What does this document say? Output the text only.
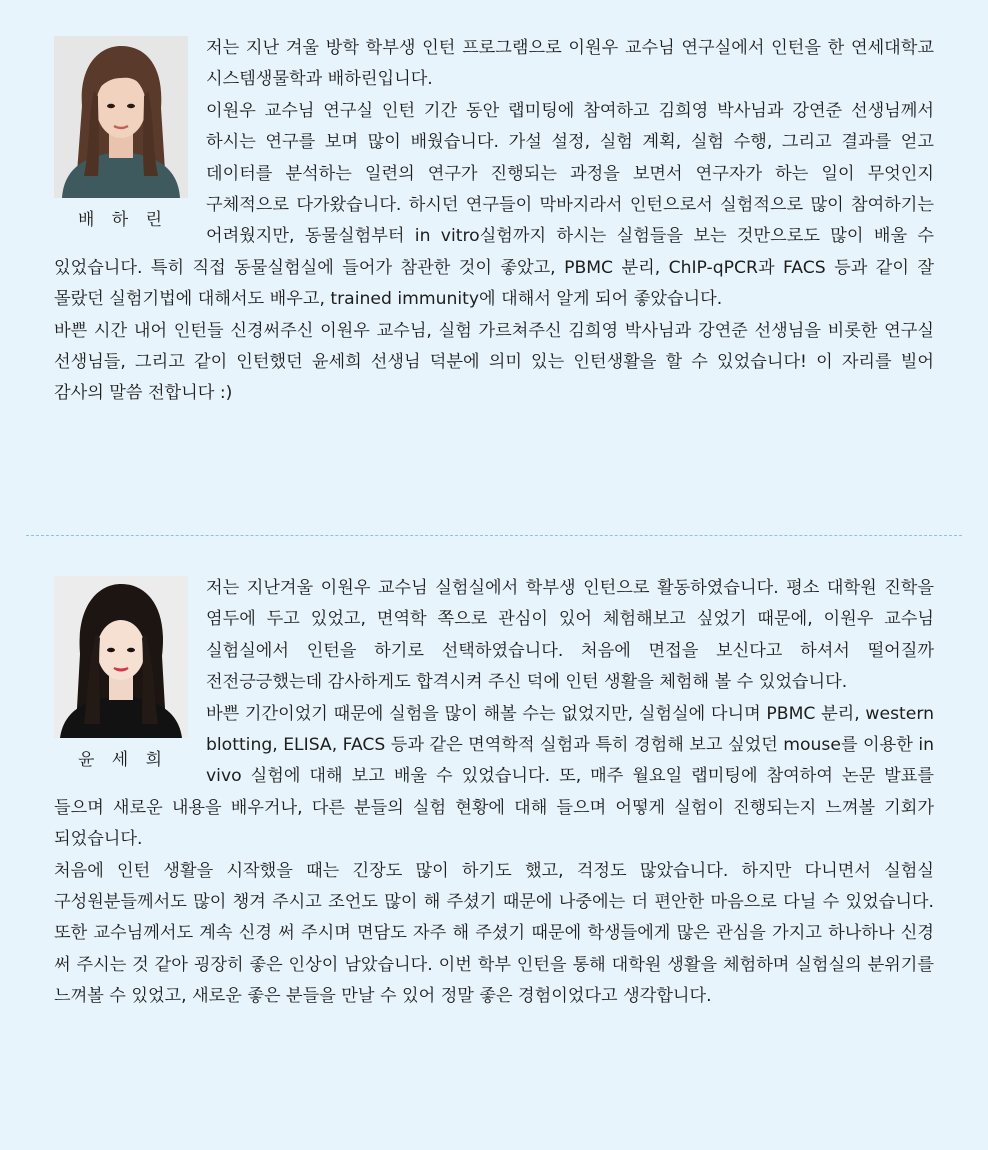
배 하 린

저는 지난 겨울 방학 학부생 인턴 프로그램으로 이원우 교수님 연구실에서 인턴을 한 연세대학교 시스템생물학과 배하린입니다.

이원우 교수님 연구실 인턴 기간 동안 랩미팅에 참여하고 김희영 박사님과 강연준 선생님께서 하시는 연구를 보며 많이 배웠습니다. 가설 설정, 실험 계획, 실험 수행, 그리고 결과를 얻고 데이터를 분석하는 일련의 연구가 진행되는 과정을 보면서 연구자가 하는 일이 무엇인지 구체적으로 다가왔습니다. 하시던 연구들이 막바지라서 인턴으로서 실험적으로 많이 참여하기는 어려웠지만, 동물실험부터 in vitro실험까지 하시는 실험들을 보는 것만으로도 많이 배울 수 있었습니다. 특히 직접 동물실험실에 들어가 참관한 것이 좋았고, PBMC 분리, ChIP-qPCR과 FACS 등과 같이 잘 몰랐던 실험기법에 대해서도 배우고, trained immunity에 대해서 알게 되어 좋았습니다.

바쁜 시간 내어 인턴들 신경써주신 이원우 교수님, 실험 가르쳐주신 김희영 박사님과 강연준 선생님을 비롯한 연구실 선생님들, 그리고 같이 인턴했던 윤세희 선생님 덕분에 의미 있는 인턴생활을 할 수 있었습니다! 이 자리를 빌어 감사의 말씀 전합니다 :)

윤 세 희

저는 지난겨울 이원우 교수님 실험실에서 학부생 인턴으로 활동하였습니다. 평소 대학원 진학을 염두에 두고 있었고, 면역학 쪽으로 관심이 있어 체험해보고 싶었기 때문에, 이원우 교수님 실험실에서 인턴을 하기로 선택하였습니다. 처음에 면접을 보신다고 하셔서 떨어질까 전전긍긍했는데 감사하게도 합격시켜 주신 덕에 인턴 생활을 체험해 볼 수 있었습니다.

바쁜 기간이었기 때문에 실험을 많이 해볼 수는 없었지만, 실험실에 다니며 PBMC 분리, western blotting, ELISA, FACS 등과 같은 면역학적 실험과 특히 경험해 보고 싶었던 mouse를 이용한 in vivo 실험에 대해 보고 배울 수 있었습니다. 또, 매주 월요일 랩미팅에 참여하여 논문 발표를 들으며 새로운 내용을 배우거나, 다른 분들의 실험 현황에 대해 들으며 어떻게 실험이 진행되는지 느껴볼 기회가 되었습니다.

처음에 인턴 생활을 시작했을 때는 긴장도 많이 하기도 했고, 걱정도 많았습니다. 하지만 다니면서 실험실 구성원분들께서도 많이 챙겨 주시고 조언도 많이 해 주셨기 때문에 나중에는 더 편안한 마음으로 다닐 수 있었습니다. 또한 교수님께서도 계속 신경 써 주시며 면담도 자주 해 주셨기 때문에 학생들에게 많은 관심을 가지고 하나하나 신경 써 주시는 것 같아 굉장히 좋은 인상이 남았습니다. 이번 학부 인턴을 통해 대학원 생활을 체험하며 실험실의 분위기를 느껴볼 수 있었고, 새로운 좋은 분들을 만날 수 있어 정말 좋은 경험이었다고 생각합니다.
